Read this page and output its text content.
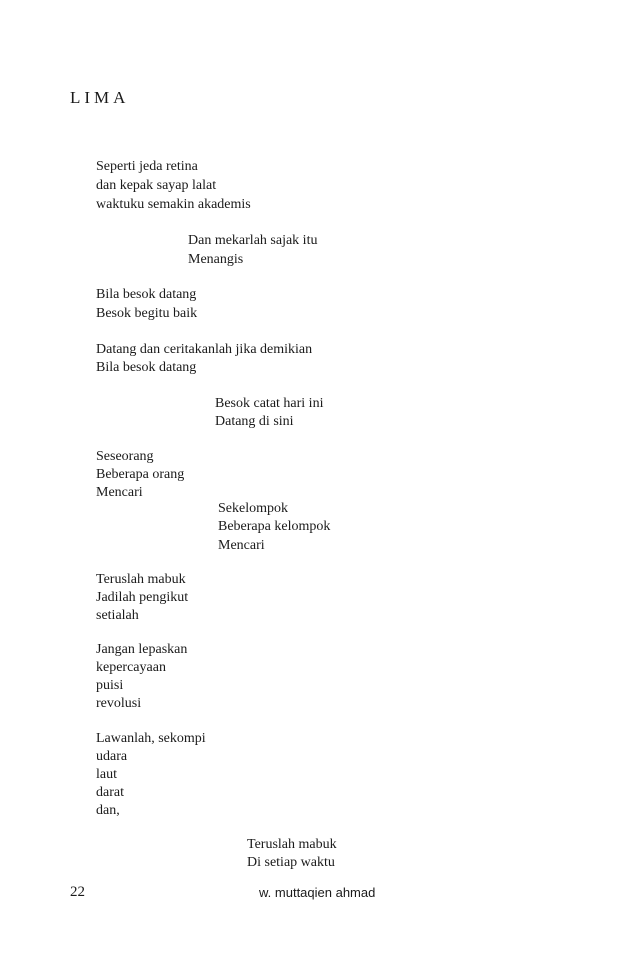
LIMA
Seperti jeda retina
dan kepak sayap lalat
waktuku semakin akademis
Dan mekarlah sajak itu
Menangis
Bila besok datang
Besok begitu baik
Datang dan ceritakanlah jika demikian
Bila besok datang
Besok catat hari ini
Datang di sini
Seseorang
Beberapa orang
Mencari
Sekelompok
Beberapa kelompok
Mencari
Teruslah mabuk
Jadilah pengikut
setialah
Jangan lepaskan
kepercayaan
puisi
revolusi
Lawanlah, sekompi
udara
laut
darat
dan,
Teruslah mabuk
Di setiap waktu
22	w. muttaqien ahmad
